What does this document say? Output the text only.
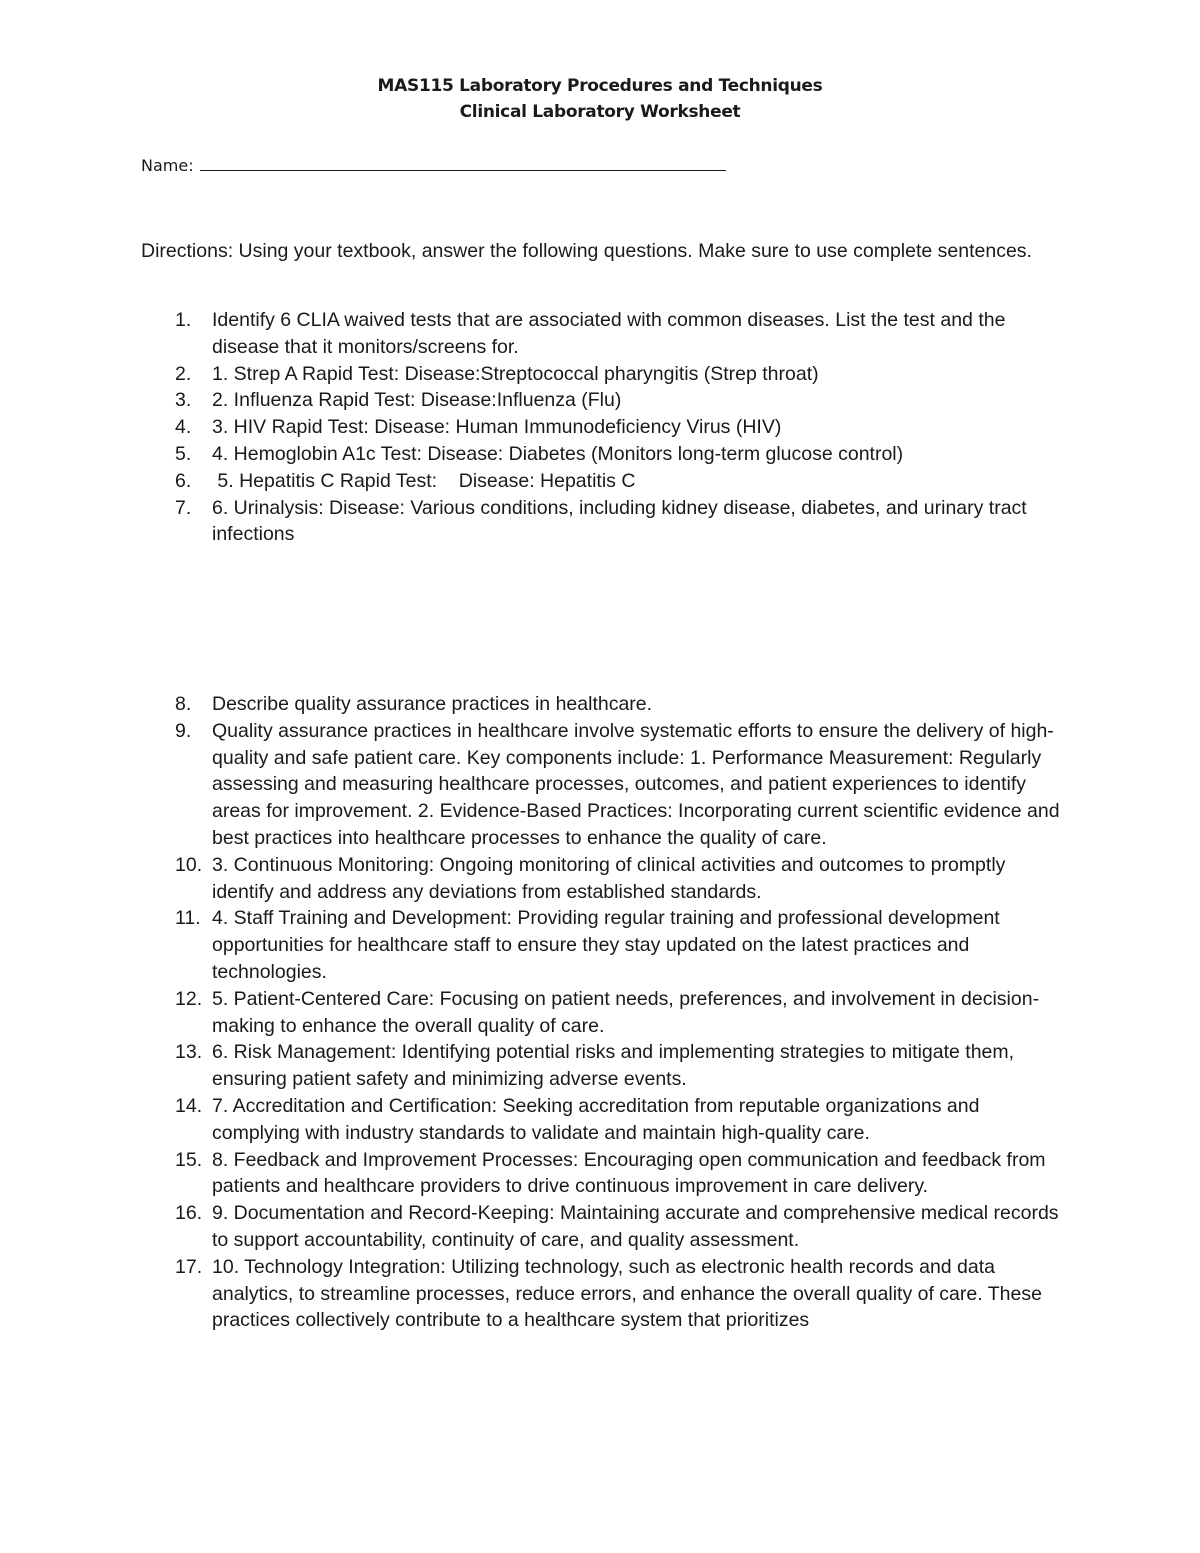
MAS115 Laboratory Procedures and Techniques
Clinical Laboratory Worksheet
Name:
Directions: Using your textbook, answer the following questions. Make sure to use complete sentences.
1. Identify 6 CLIA waived tests that are associated with common diseases. List the test and the disease that it monitors/screens for.
2. 1. Strep A Rapid Test: Disease:Streptococcal pharyngitis (Strep throat)
3. 2. Influenza Rapid Test: Disease:Influenza (Flu)
4. 3. HIV Rapid Test: Disease: Human Immunodeficiency Virus (HIV)
5. 4. Hemoglobin A1c Test: Disease: Diabetes (Monitors long-term glucose control)
6. 5. Hepatitis C Rapid Test:    Disease: Hepatitis C
7. 6. Urinalysis: Disease: Various conditions, including kidney disease, diabetes, and urinary tract infections
8. Describe quality assurance practices in healthcare.
9. Quality assurance practices in healthcare involve systematic efforts to ensure the delivery of high-quality and safe patient care. Key components include: 1. Performance Measurement: Regularly assessing and measuring healthcare processes, outcomes, and patient experiences to identify areas for improvement. 2. Evidence-Based Practices: Incorporating current scientific evidence and best practices into healthcare processes to enhance the quality of care.
10. 3. Continuous Monitoring: Ongoing monitoring of clinical activities and outcomes to promptly identify and address any deviations from established standards.
11. 4. Staff Training and Development: Providing regular training and professional development opportunities for healthcare staff to ensure they stay updated on the latest practices and technologies.
12. 5. Patient-Centered Care: Focusing on patient needs, preferences, and involvement in decision-making to enhance the overall quality of care.
13. 6. Risk Management: Identifying potential risks and implementing strategies to mitigate them, ensuring patient safety and minimizing adverse events.
14. 7. Accreditation and Certification: Seeking accreditation from reputable organizations and complying with industry standards to validate and maintain high-quality care.
15. 8. Feedback and Improvement Processes: Encouraging open communication and feedback from patients and healthcare providers to drive continuous improvement in care delivery.
16. 9. Documentation and Record-Keeping: Maintaining accurate and comprehensive medical records to support accountability, continuity of care, and quality assessment.
17. 10. Technology Integration: Utilizing technology, such as electronic health records and data analytics, to streamline processes, reduce errors, and enhance the overall quality of care. These practices collectively contribute to a healthcare system that prioritizes
